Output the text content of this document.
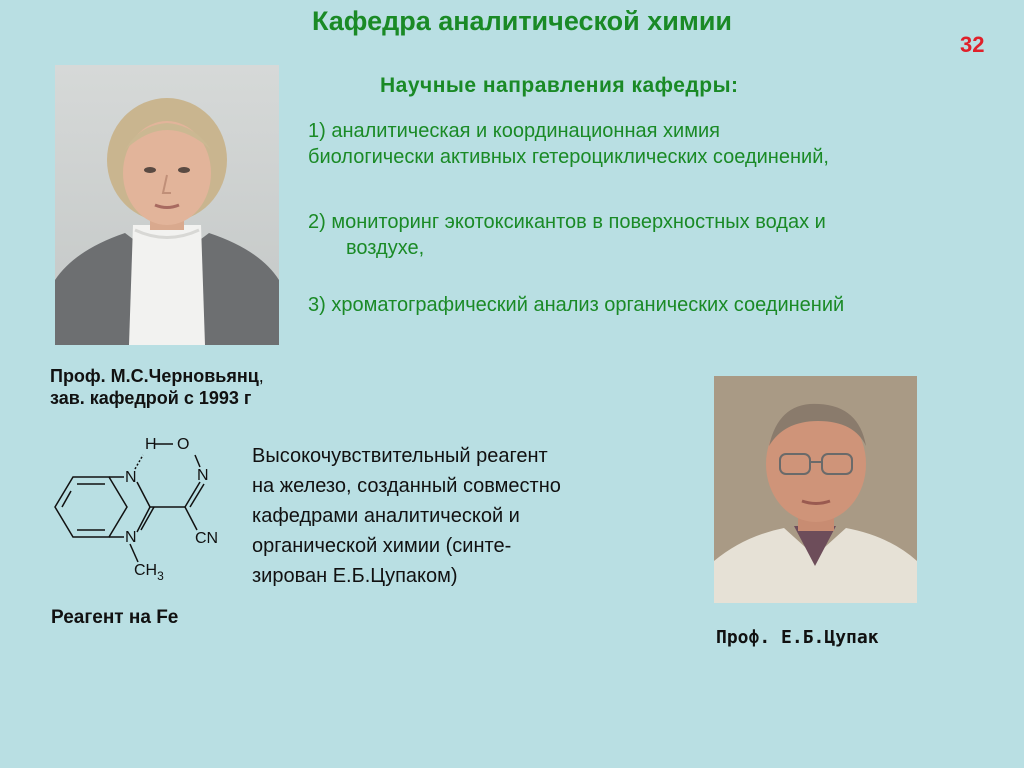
Кафедра аналитической химии
32
Научные направления кафедры:
1) аналитическая и координационная химия
биологически активных гетероциклических соединений,
2) мониторинг экотоксикантов в поверхностных водах и
воздухе,
3) хроматографический анализ органических соединений
Проф. М.С.Черновьянц,
зав. кафедрой с 1993 г
Проф. Е.Б.Цупак
H O
N
N
N	CN
$CH_3$
Высокочувствительный реагент
на железо, созданный совместно
кафедрами аналитической и
органической химии (синте-
зирован Е.Б.Цупаком)
Реагент на Fe
